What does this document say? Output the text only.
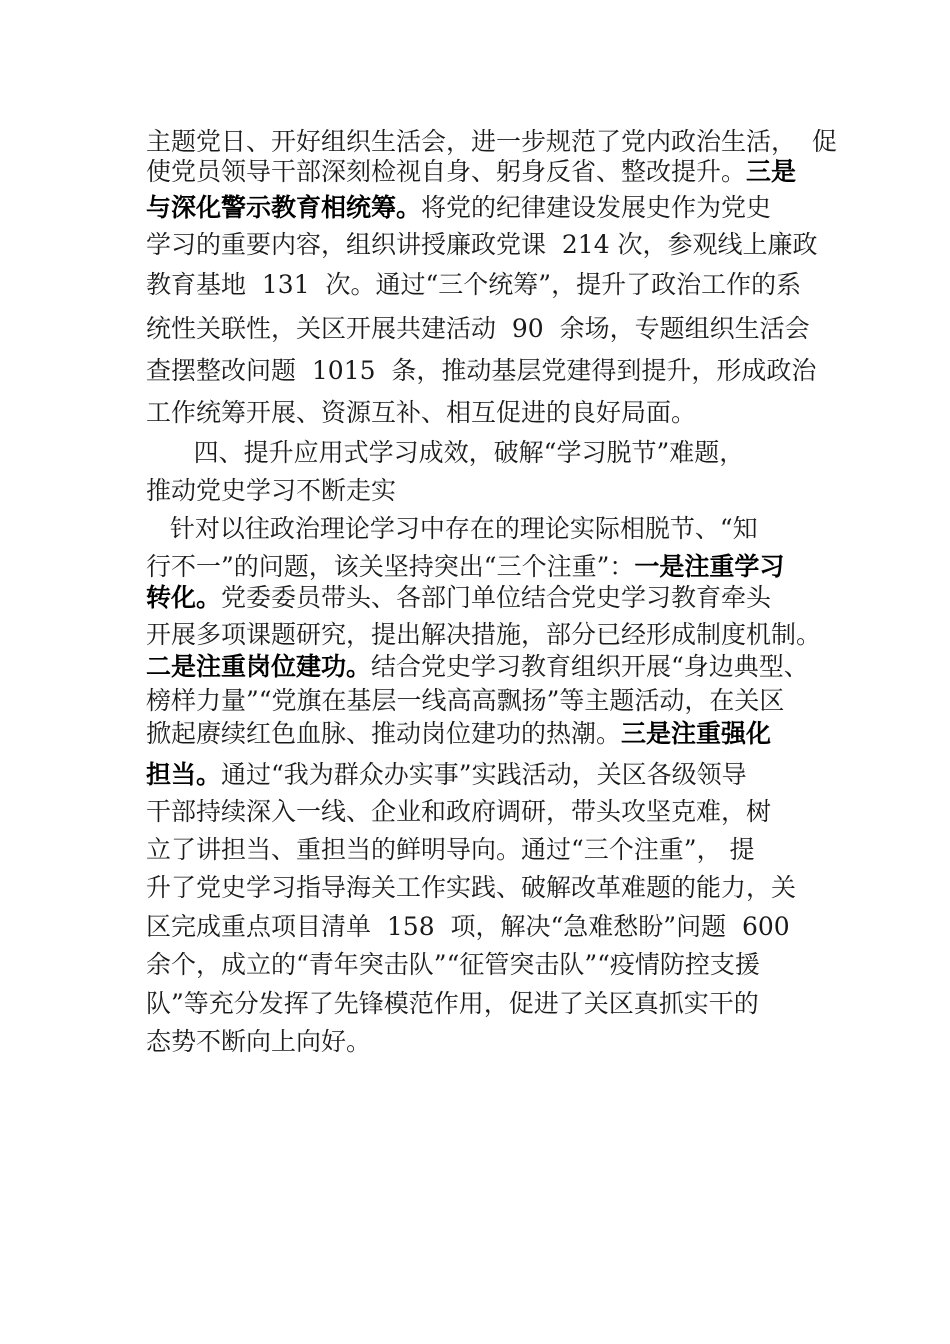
主题党日、开好组织生活会，进一步规范了党内政治生活，  促
使党员领导干部深刻检视自身、躬身反省、整改提升。三是
与深化警示教育相统筹。将党的纪律建设发展史作为党史
学习的重要内容，组织讲授廉政党课  214 次，参观线上廉政
教育基地  131  次。通过“三个统筹”，提升了政治工作的系
统性关联性，关区开展共建活动  90  余场，专题组织生活会
查摆整改问题  1015  条，推动基层党建得到提升，形成政治
工作统筹开展、资源互补、相互促进的良好局面。
四、提升应用式学习成效，破解“学习脱节”难题，
推动党史学习不断走实
针对以往政治理论学习中存在的理论实际相脱节、“知
行不一”的问题，该关坚持突出“三个注重”：一是注重学习
转化。党委委员带头、各部门单位结合党史学习教育牵头
开展多项课题研究，提出解决措施，部分已经形成制度机制。
二是注重岗位建功。结合党史学习教育组织开展“身边典型、
榜样力量”“党旗在基层一线高高飘扬”等主题活动，在关区
掀起赓续红色血脉、推动岗位建功的热潮。三是注重强化
担当。通过“我为群众办实事”实践活动，关区各级领导
干部持续深入一线、企业和政府调研，带头攻坚克难，树
立了讲担当、重担当的鲜明导向。通过“三个注重”， 提
升了党史学习指导海关工作实践、破解改革难题的能力，关
区完成重点项目清单  158  项，解决“急难愁盼”问题  600
余个，成立的“青年突击队”“征管突击队”“疫情防控支援
队”等充分发挥了先锋模范作用，促进了关区真抓实干的
态势不断向上向好。
